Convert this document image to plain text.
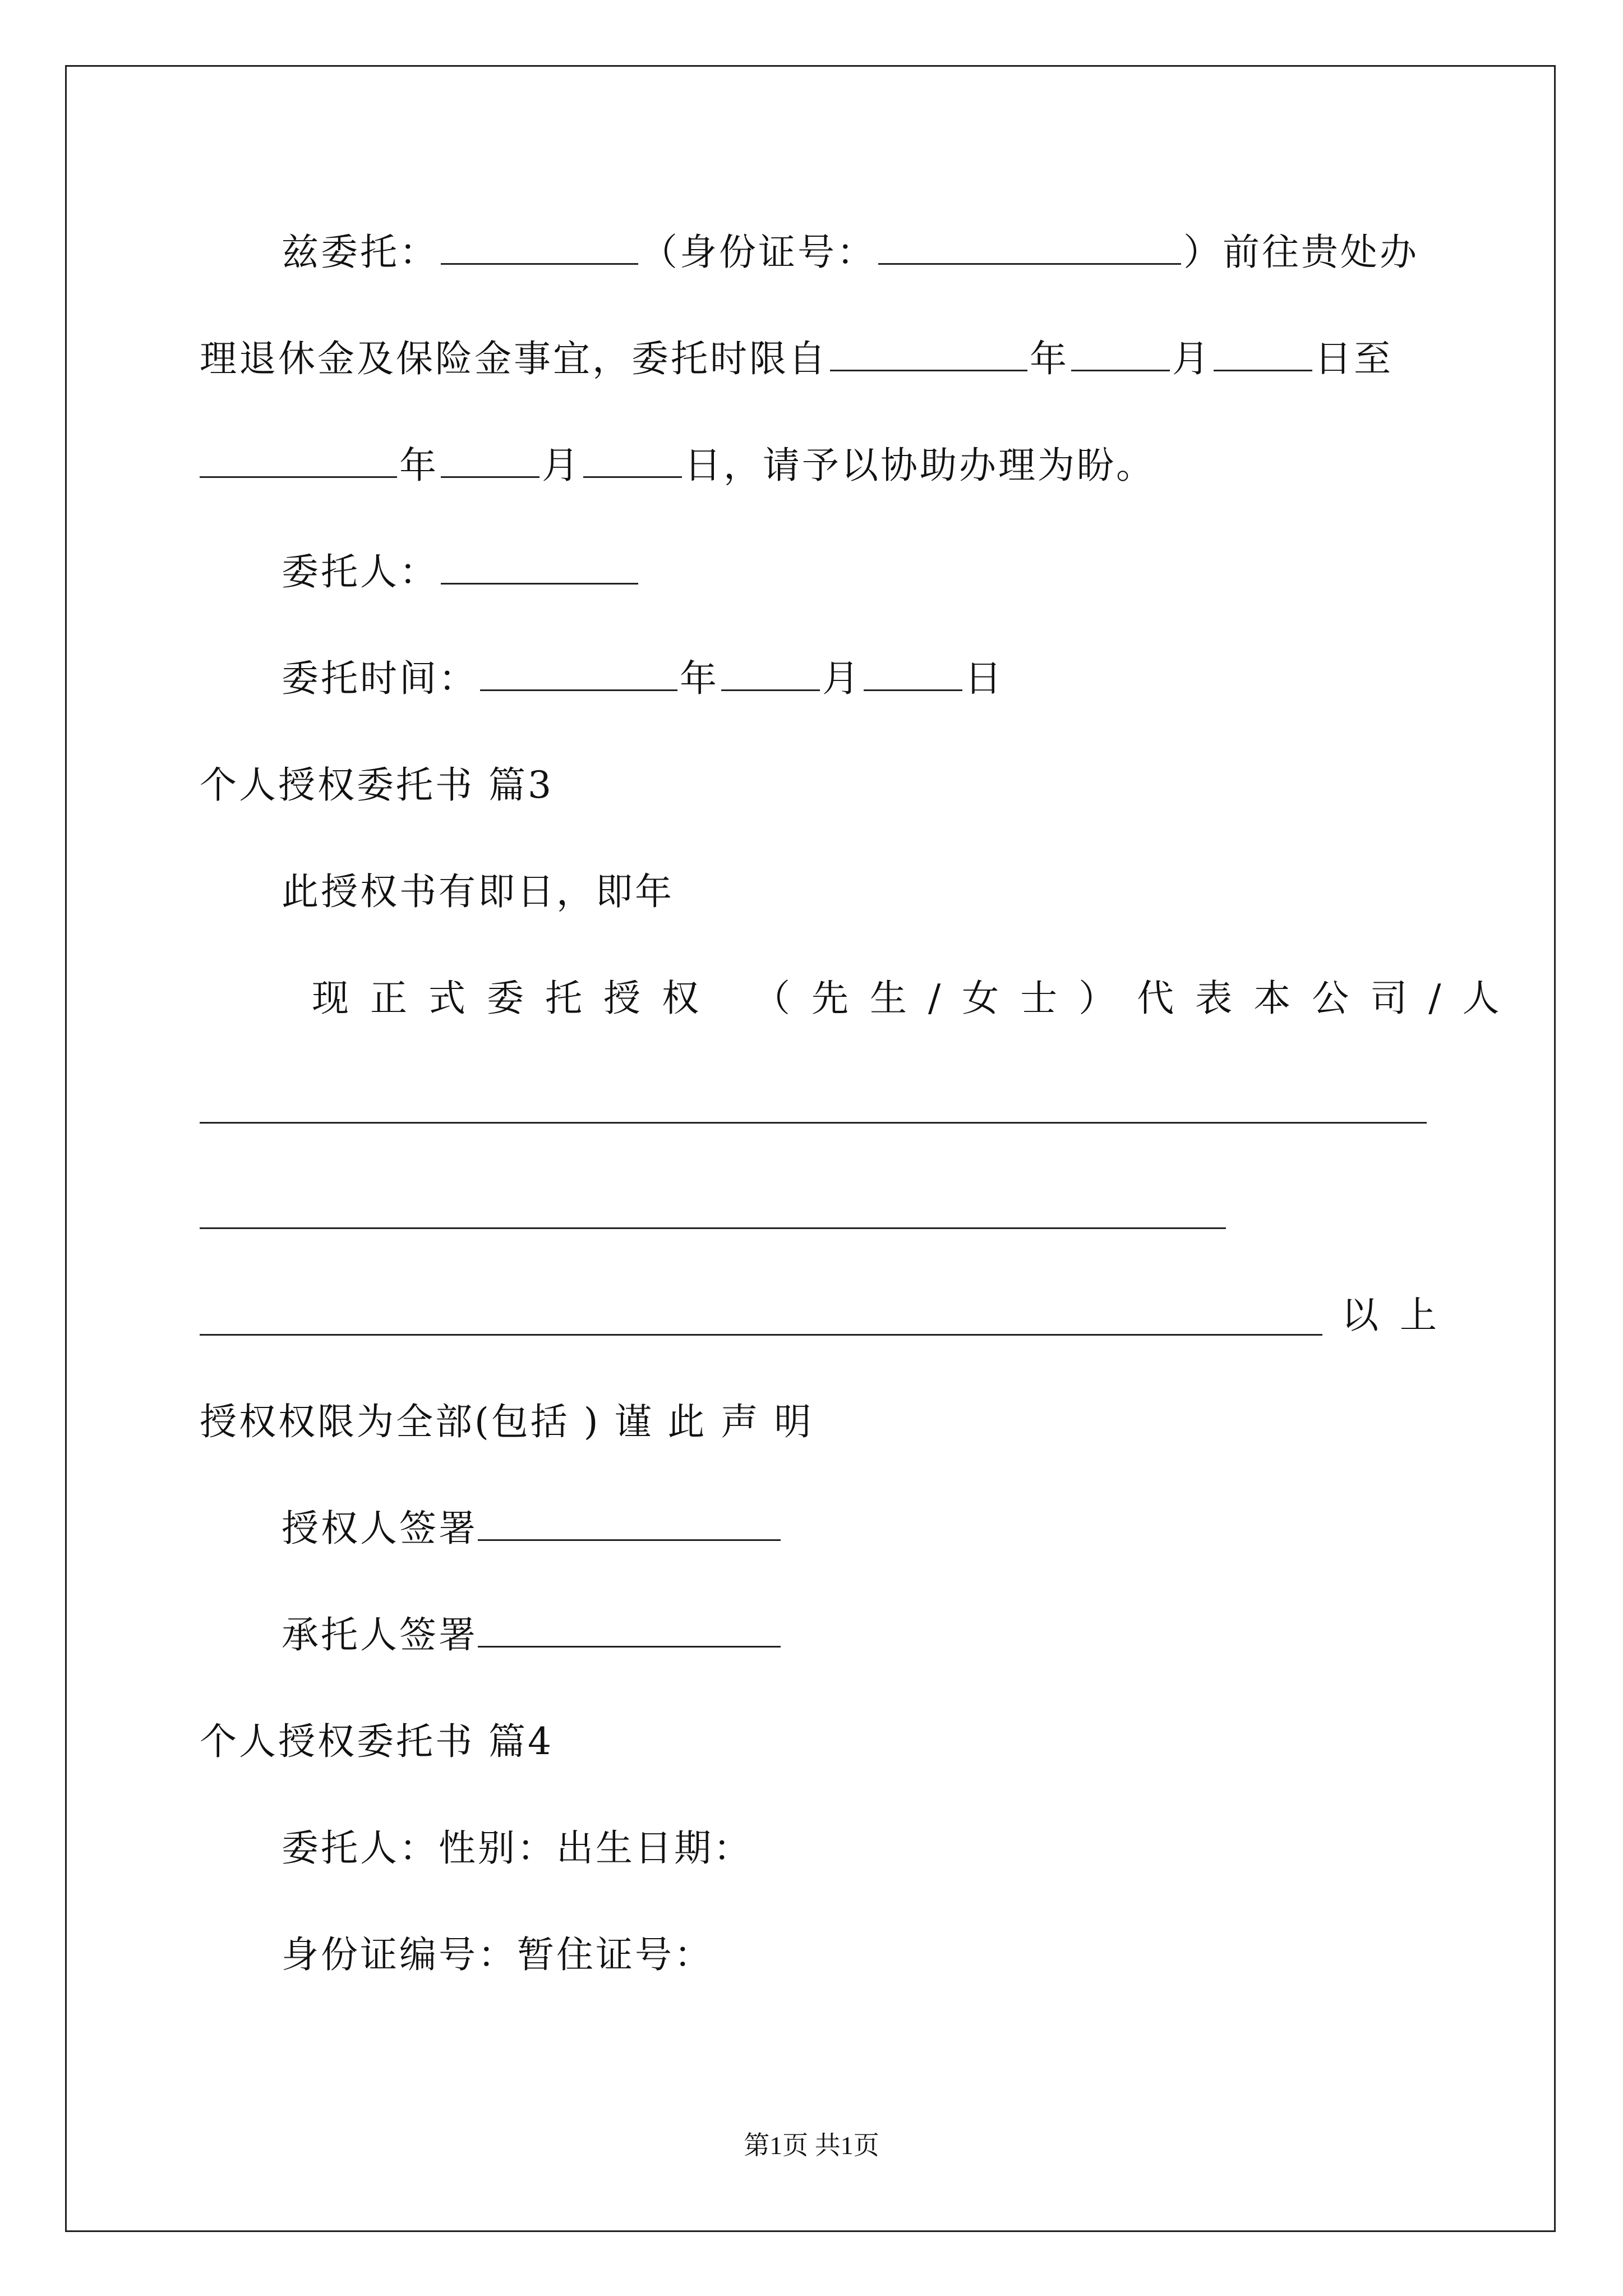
兹委托：	（身份证号：	）前往贵处办
理退休金及保险金事宜，委托时限自	年	月	日至
年	月	日，请予以协助办理为盼。
委托人：
委托时间：	年	月	日
个人授权委托书 篇3
此授权书有即日，即年
现正式委托授权 （先生/女士）代表本公司/人
以上
授权权限为全部(包括 ) 谨 此 声 明
授权人签署
承托人签署
个人授权委托书 篇4
委托人：性别：出生日期：
身份证编号：暂住证号：
第1页 共1页
